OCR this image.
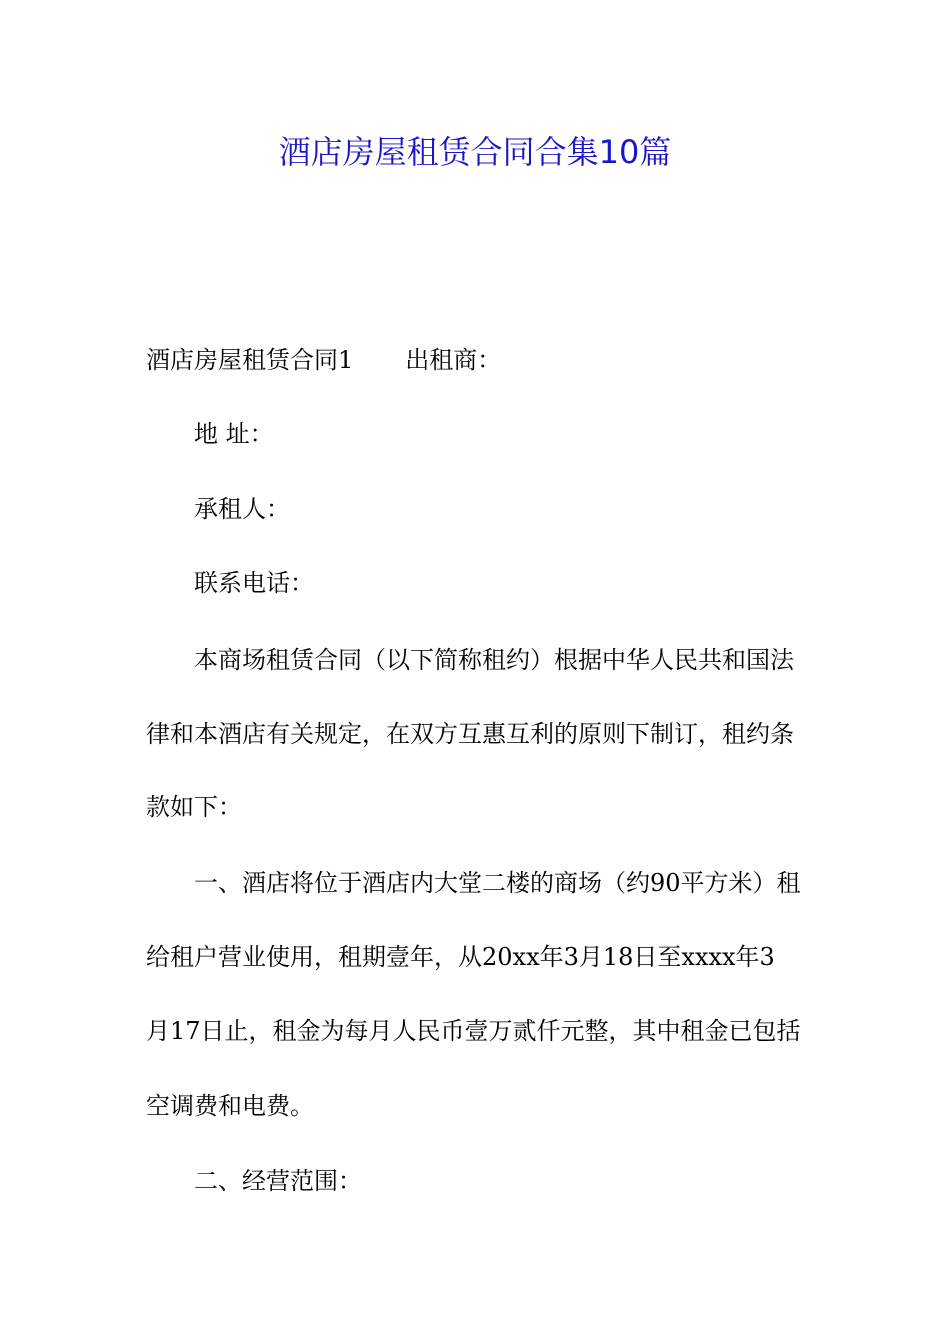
酒店房屋租赁合同合集10篇
酒店房屋租赁合同1 出租商：
地 址：
承租人：
联系电话：
本商场租赁合同（以下简称租约）根据中华人民共和国法
律和本酒店有关规定，在双方互惠互利的原则下制订，租约条
款如下：
一、酒店将位于酒店内大堂二楼的商场（约90平方米）租
给租户营业使用，租期壹年，从20xx年3月18日至xxxx年3
月17日止，租金为每月人民币壹万贰仟元整，其中租金已包括
空调费和电费。
二、经营范围：
